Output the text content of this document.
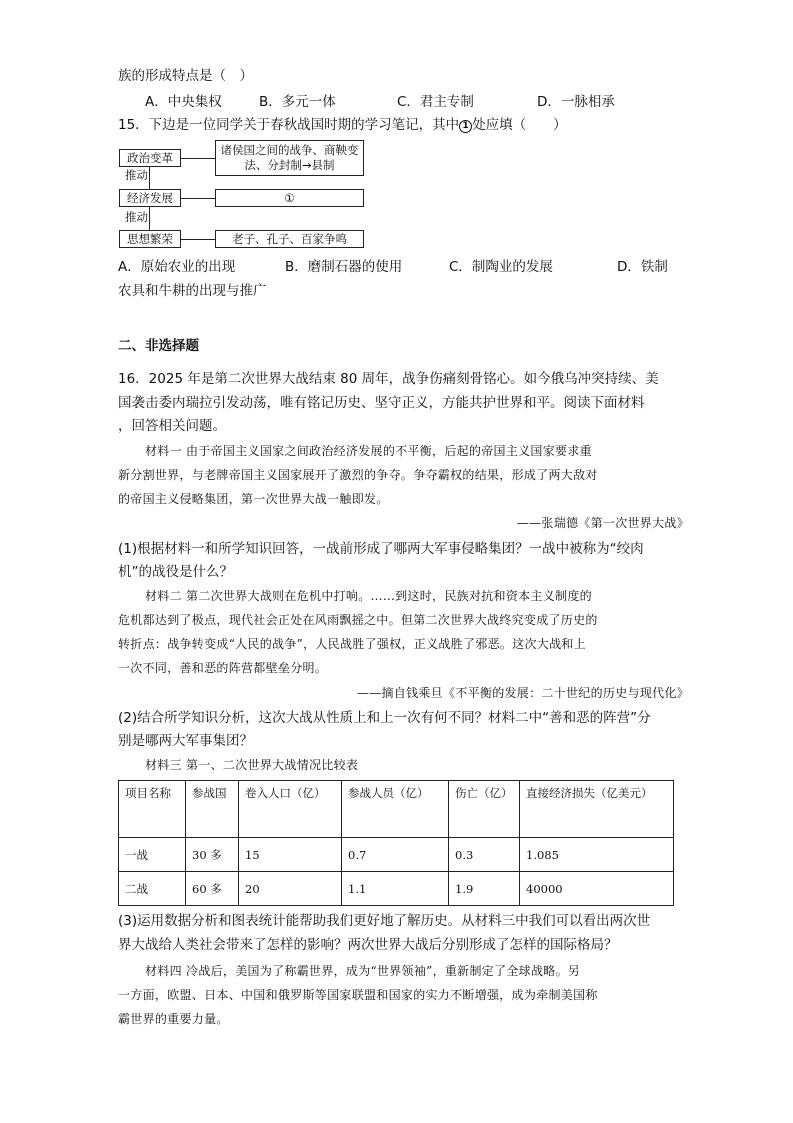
族的形成特点是（　）
A．中央集权	B．多元一体	C．君主专制	D．一脉相承
15．下边是一位同学关于春秋战国时期的学习笔记，其中 1 处应填（　　）
政治变革
诸侯国之间的战争、商鞅变法、分封制→县制
推动
经济发展	①
推动
思想繁荣	老子、孔子、百家争鸣
A．原始农业的出现	B．磨制石器的使用	C．制陶业的发展	D．铁制
农具和牛耕的出现与推广
二、非选择题
16．2025 年是第二次世界大战结束 80 周年，战争伤痛刻骨铭心。如今俄乌冲突持续、美
国袭击委内瑞拉引发动荡，唯有铭记历史、坚守正义，方能共护世界和平。阅读下面材料
，回答相关问题。
材料一 由于帝国主义国家之间政治经济发展的不平衡，后起的帝国主义国家要求重
新分割世界，与老牌帝国主义国家展开了激烈的争夺。争夺霸权的结果，形成了两大敌对
的帝国主义侵略集团，第一次世界大战一触即发。
——张瑞德《第一次世界大战》
(1)根据材料一和所学知识回答，一战前形成了哪两大军事侵略集团？一战中被称为“绞肉
机”的战役是什么？
材料二 第二次世界大战则在危机中打响。……到这时，民族对抗和资本主义制度的
危机都达到了极点，现代社会正处在风雨飘摇之中。但第二次世界大战终究变成了历史的
转折点：战争转变成“人民的战争”，人民战胜了强权，正义战胜了邪恶。这次大战和上
一次不同，善和恶的阵营都壁垒分明。
——摘自钱乘旦《不平衡的发展：二十世纪的历史与现代化》
(2)结合所学知识分析，这次大战从性质上和上一次有何不同？材料二中“善和恶的阵营”分
别是哪两大军事集团？
材料三 第一、二次世界大战情况比较表
项目名称	参战国	卷入人口（亿）	参战人员（亿）	伤亡（亿）	直接经济损失（亿美元）
一战	30 多	15	0.7	0.3	1.085
二战	60 多	20	1.1	1.9	40000
(3)运用数据分析和图表统计能帮助我们更好地了解历史。从材料三中我们可以看出两次世
界大战给人类社会带来了怎样的影响？两次世界大战后分别形成了怎样的国际格局？
材料四 冷战后，美国为了称霸世界，成为“世界领袖”，重新制定了全球战略。另
一方面，欧盟、日本、中国和俄罗斯等国家联盟和国家的实力不断增强，成为牵制美国称
霸世界的重要力量。
